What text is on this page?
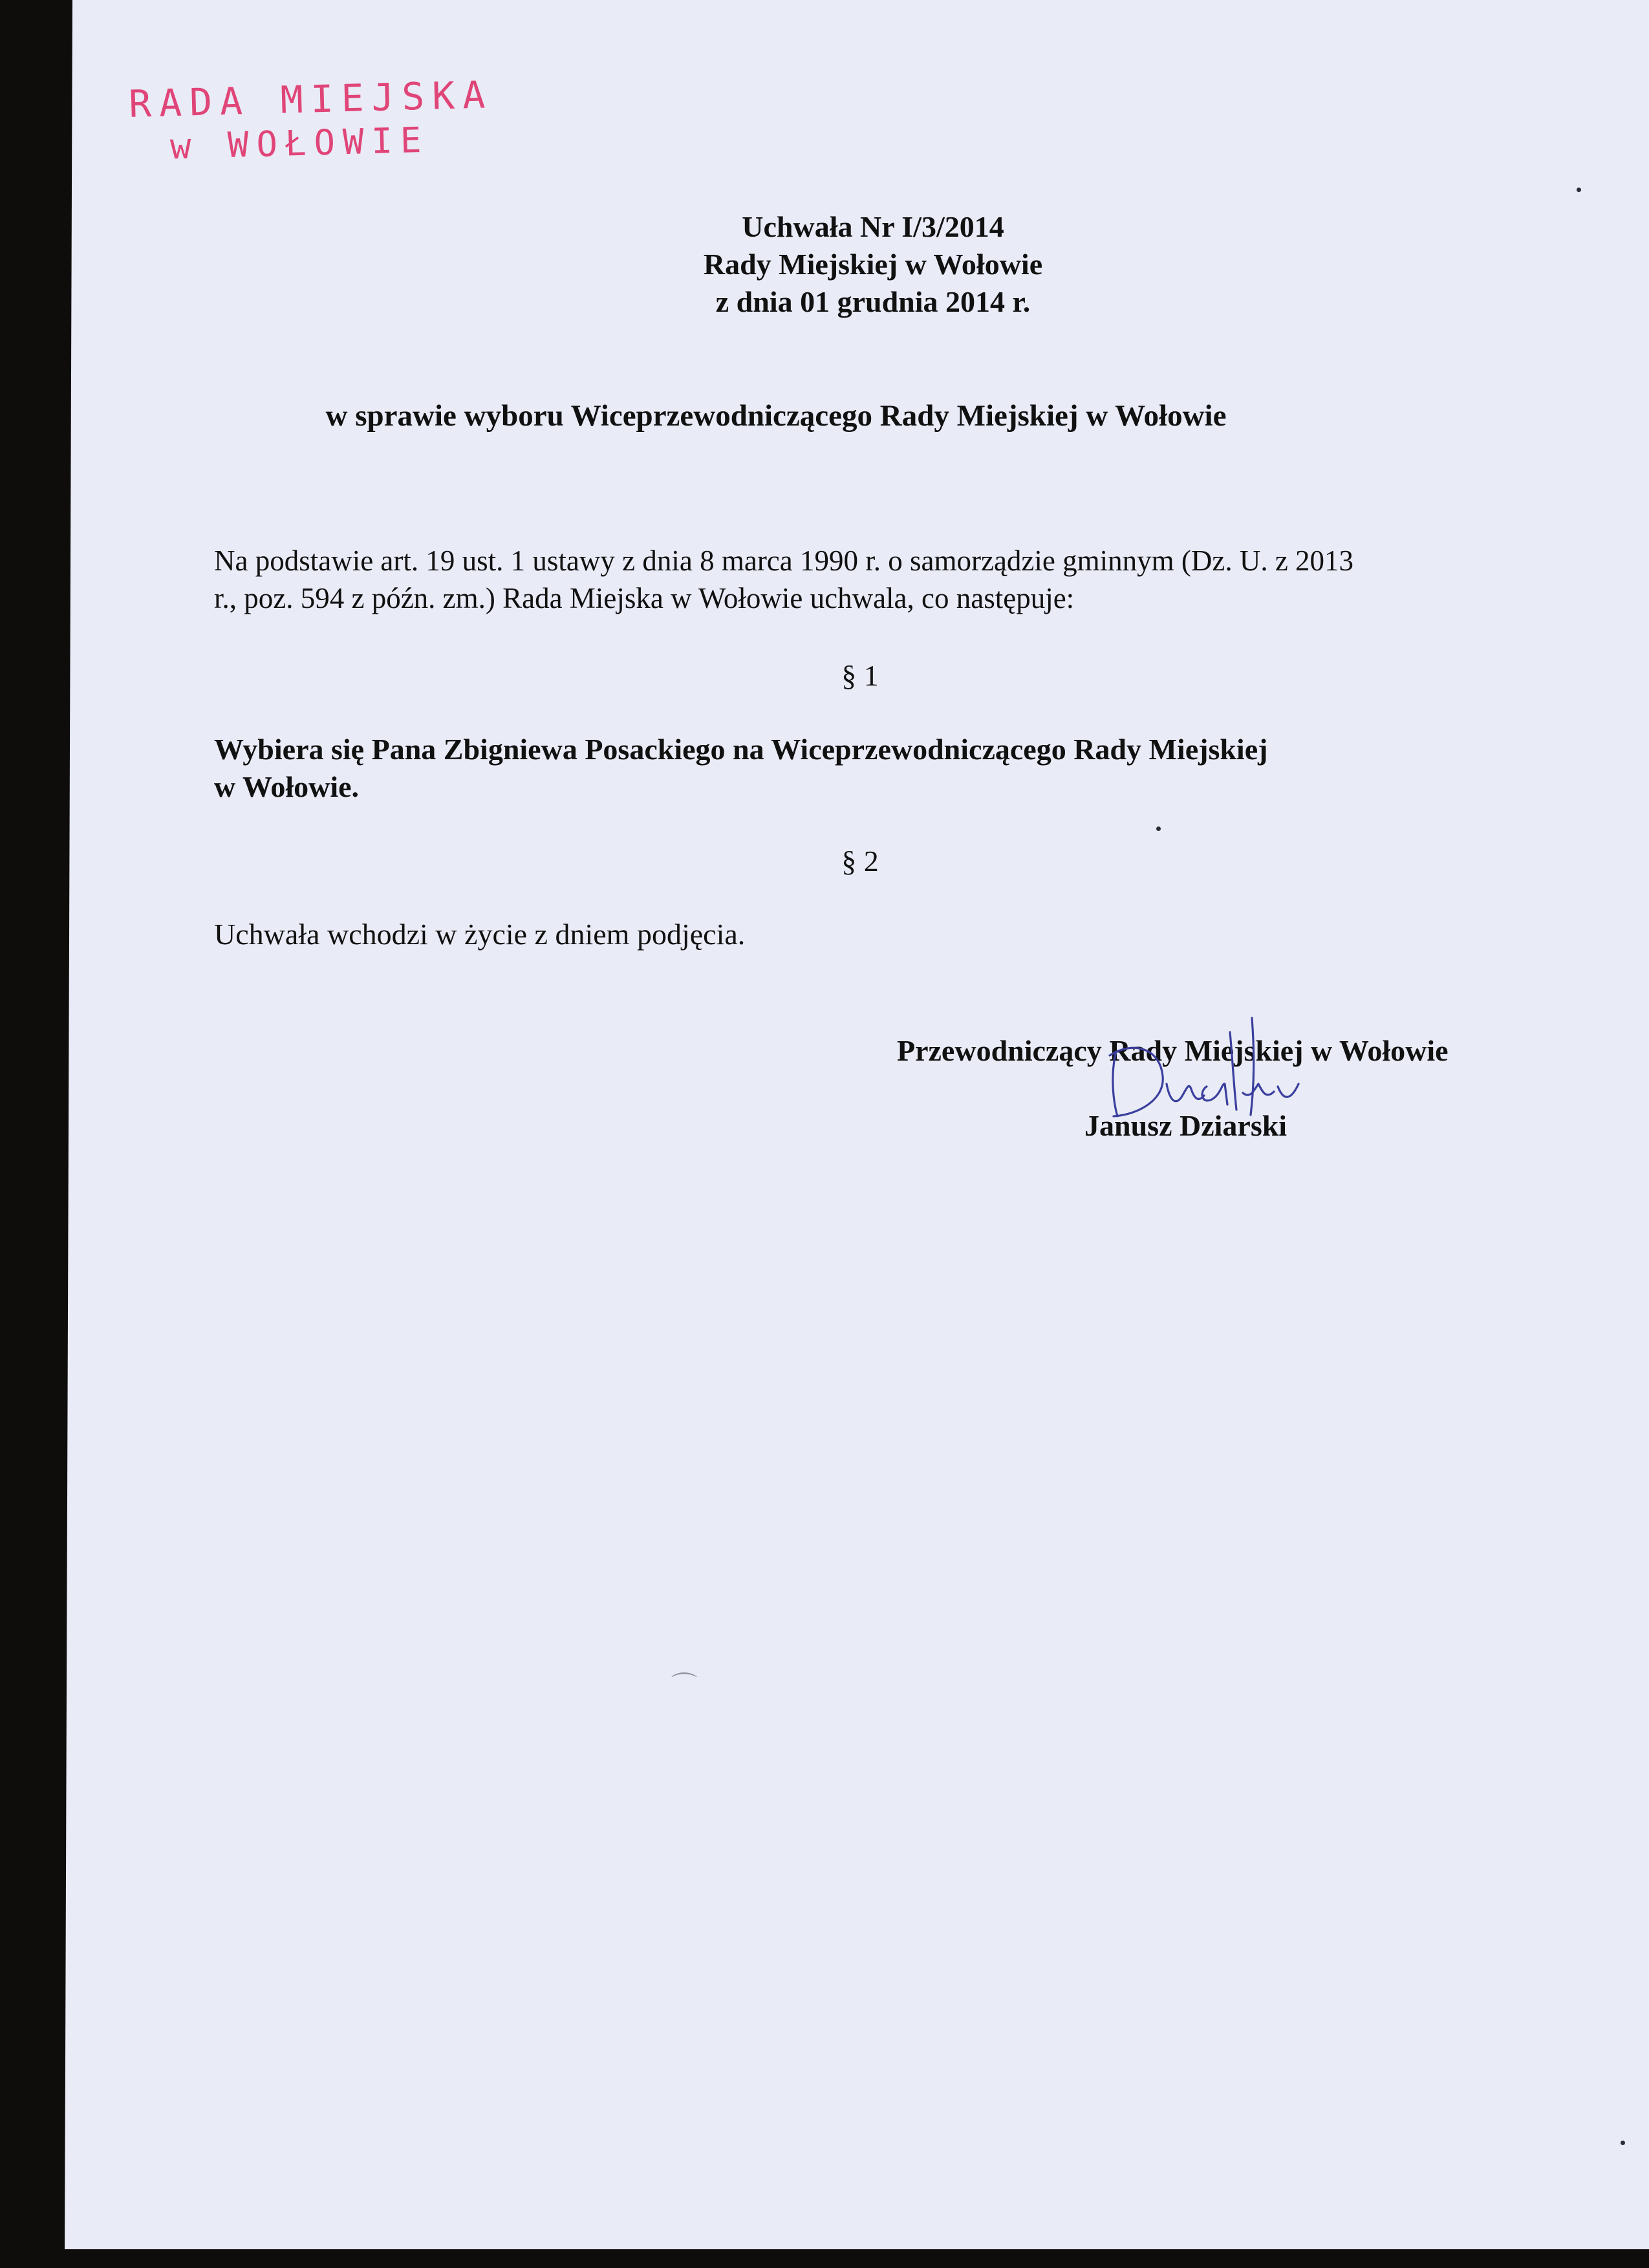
⌒
RADA MIEJSKA
w WOŁOWIE
Uchwała Nr I/3/2014
Rady Miejskiej w Wołowie
z dnia 01 grudnia 2014 r.
w sprawie wyboru Wiceprzewodniczącego Rady Miejskiej w Wołowie
Na podstawie art. 19 ust. 1 ustawy z dnia 8 marca 1990 r. o samorządzie gminnym (Dz. U. z 2013
r., poz. 594 z późn. zm.) Rada Miejska w Wołowie uchwala, co następuje:
§ 1
Wybiera się Pana Zbigniewa Posackiego na Wiceprzewodniczącego Rady Miejskiej
w Wołowie.
§ 2
Uchwała wchodzi w życie z dniem podjęcia.
Przewodniczący Rady Miejskiej w Wołowie
Janusz Dziarski
